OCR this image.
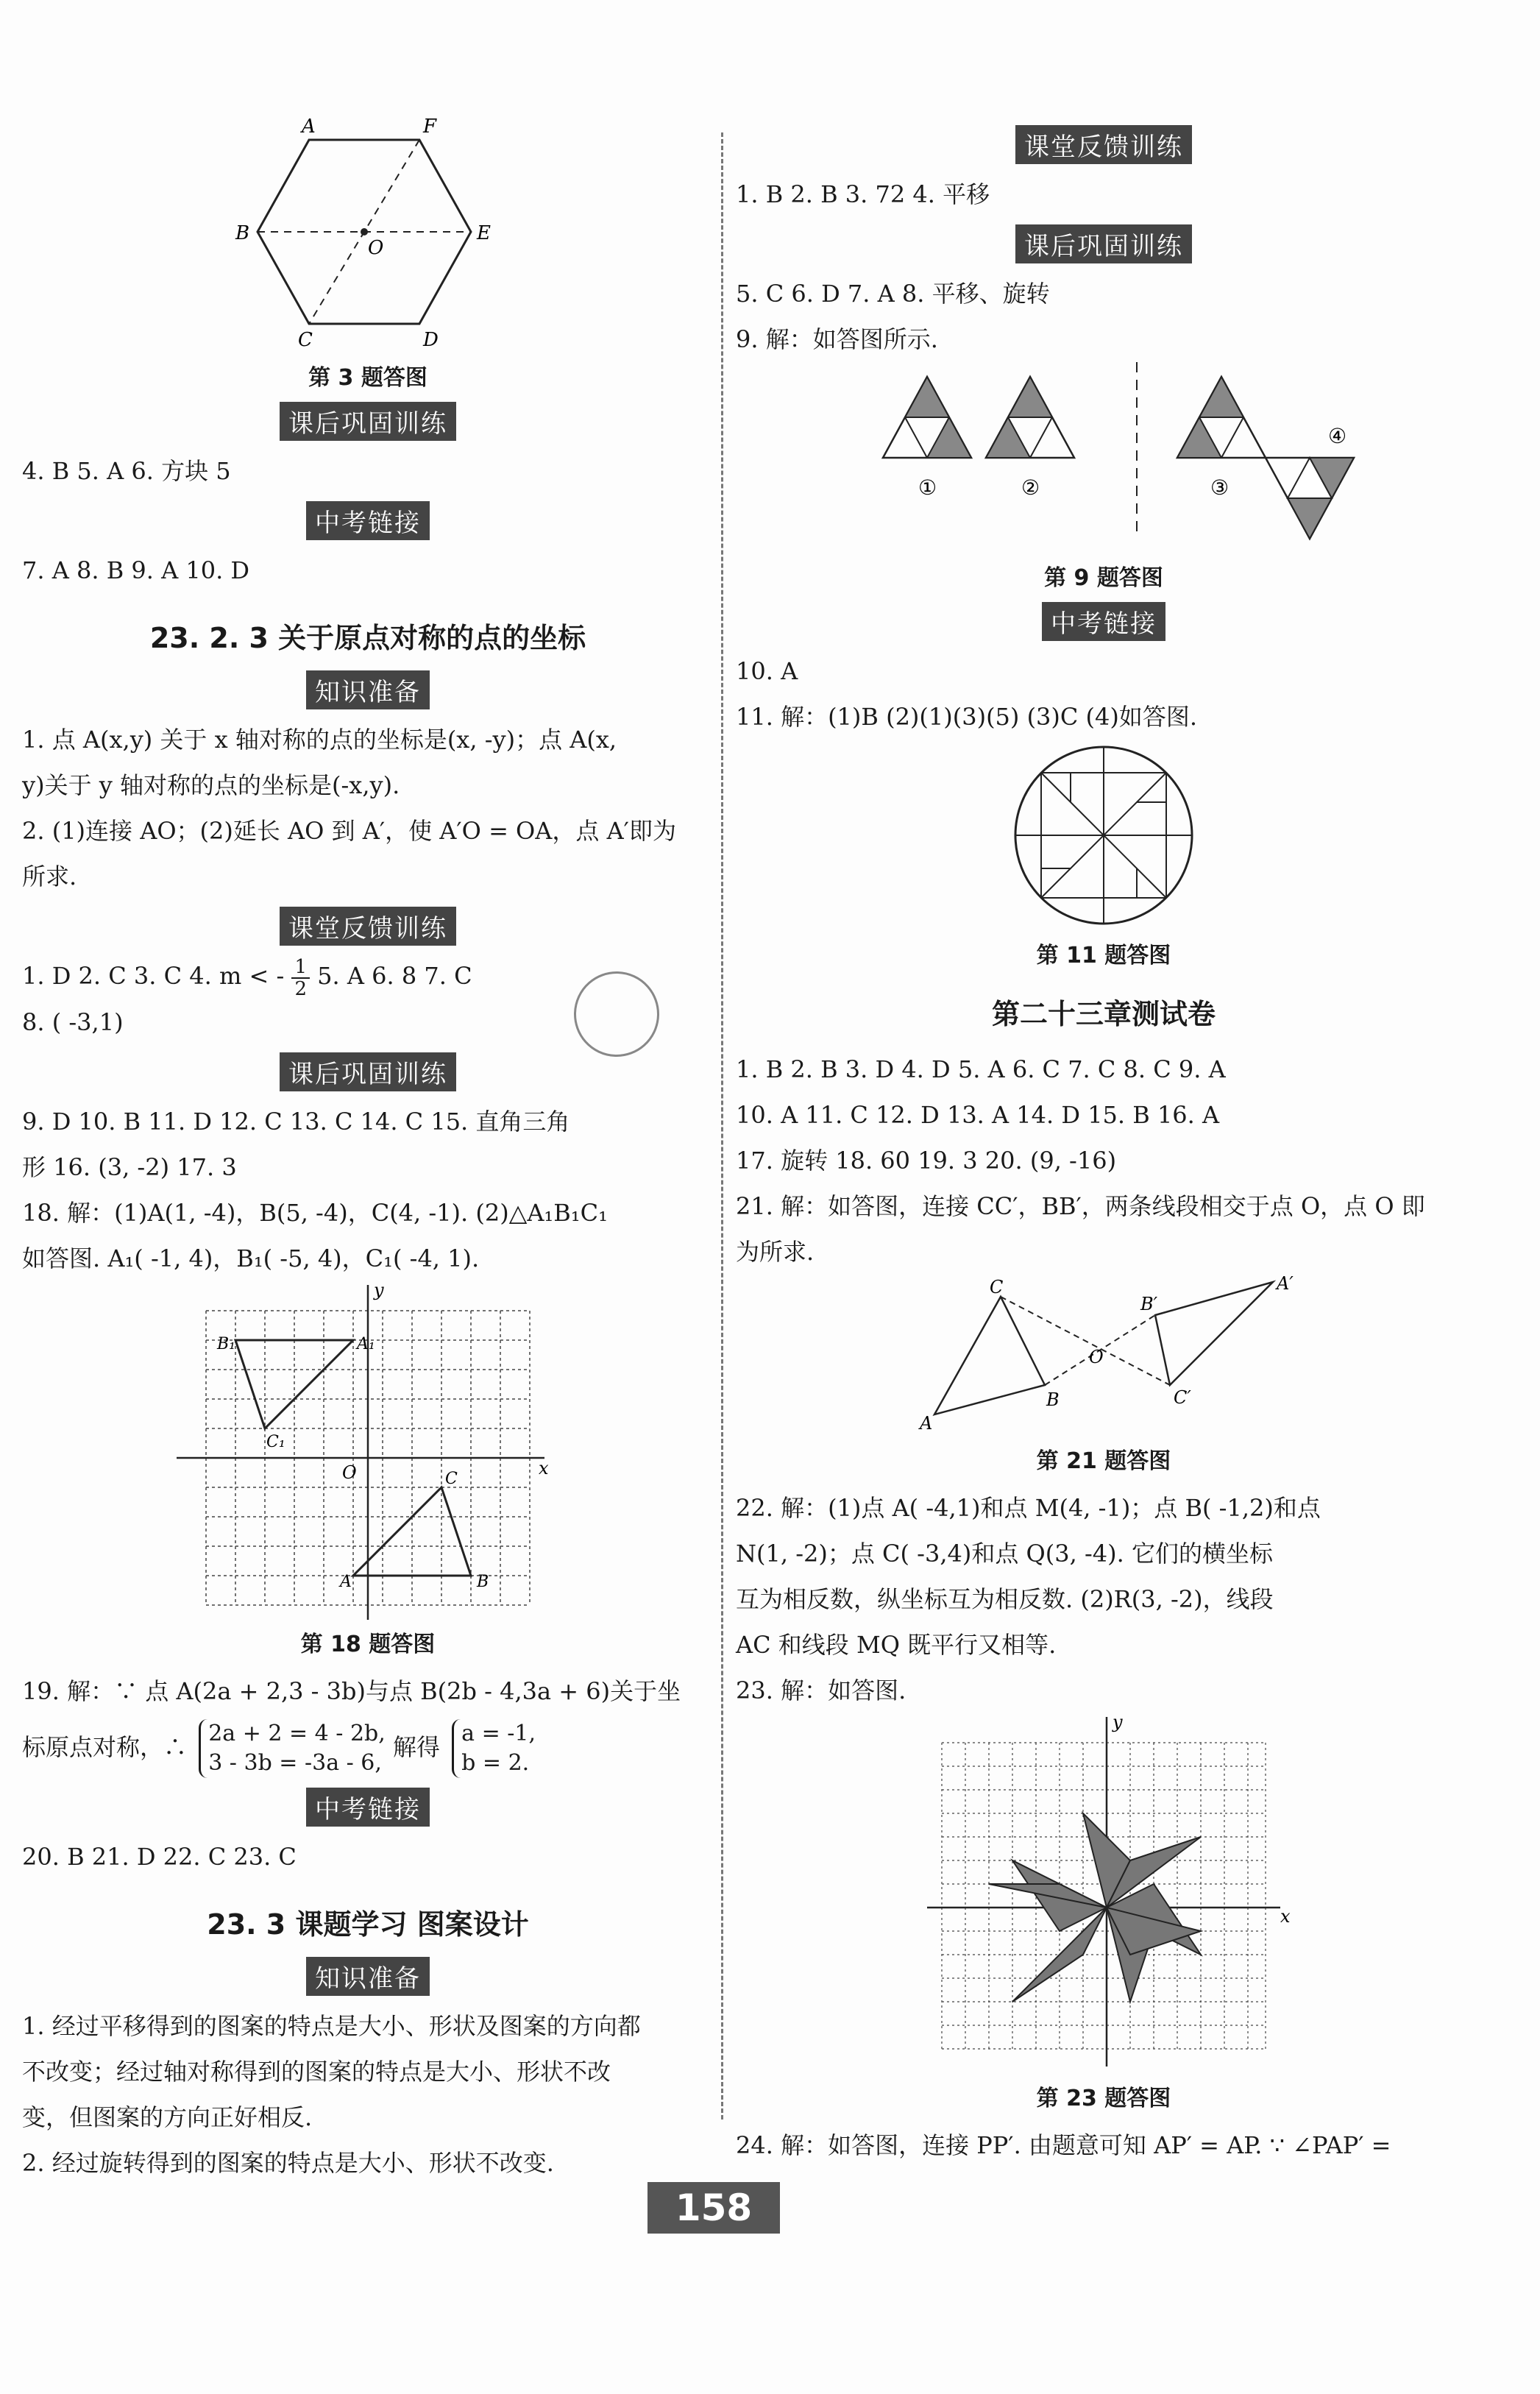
A	F
B	E
O
C	D
第 3 题答图
课后巩固训练
4. B 5. A 6. 方块 5
中考链接
7. A 8. B 9. A 10. D
23. 2. 3 关于原点对称的点的坐标
知识准备
1. 点 A(x,y) 关于 x 轴对称的点的坐标是(x, -y)；点 A(x,
y)关于 y 轴对称的点的坐标是(-x,y).
2. (1)连接 AO；(2)延长 AO 到 A′，使 A′O = OA，点 A′即为
所求.
课堂反馈训练
1. D 2. C 3. C 4. m < - $\frac{1}{2} 5$. A 6. 8 7. C
8. ( -3,1)
课后巩固训练
9. D 10. B 11. D 12. C 13. C 14. C 15. 直角三角
形 16. (3, -2) 17. 3
18. 解：(1)A(1, -4)，B(5, -4)，C(4, -1). (2)△A₁B₁C₁
如答图. A₁( -1, 4)，B₁( -5, 4)，C₁( -4, 1).
y
x
O
B₁	A₁
C₁
C
A	B
第 18 题答图
19. 解：∵ 点 A(2a + 2,3 - 3b)与点 B(2b - 4,3a + 6)关于坐
标原点对称，∴ 2a + 2 = 4 - 2b,
3 - 3b = -3a - 6,
解得 a = -1,
b = 2.
中考链接
20. B 21. D 22. C 23. C
23. 3 课题学习 图案设计
知识准备
1. 经过平移得到的图案的特点是大小、形状及图案的方向都
不改变；经过轴对称得到的图案的特点是大小、形状不改
变，但图案的方向正好相反.
2. 经过旋转得到的图案的特点是大小、形状不改变.
课堂反馈训练
1. B 2. B 3. 72 4. 平移
课后巩固训练
5. C 6. D 7. A 8. 平移、旋转
9. 解：如答图所示.
①	②	③
④
第 9 题答图
中考链接
10. A
11. 解：(1)B (2)(1)(3)(5) (3)C (4)如答图.
第 11 题答图
第二十三章测试卷
1. B 2. B 3. D 4. D 5. A 6. C 7. C 8. C 9. A
10. A 11. C 12. D 13. A 14. D 15. B 16. A
17. 旋转 18. 60 19. 3 20. (9, -16)
21. 解：如答图，连接 CC′，BB′，两条线段相交于点 O，点 O 即
为所求.
C
A
B
O
B′
A′
C′
第 21 题答图
22. 解：(1)点 A( -4,1)和点 M(4, -1)；点 B( -1,2)和点
N(1, -2)；点 C( -3,4)和点 Q(3, -4). 它们的横坐标
互为相反数，纵坐标互为相反数. (2)R(3, -2)，线段
AC 和线段 MQ 既平行又相等.
23. 解：如答图.
y
x
第 23 题答图
24. 解：如答图，连接 PP′. 由题意可知 AP′ = AP. ∵ ∠PAP′ =
158
